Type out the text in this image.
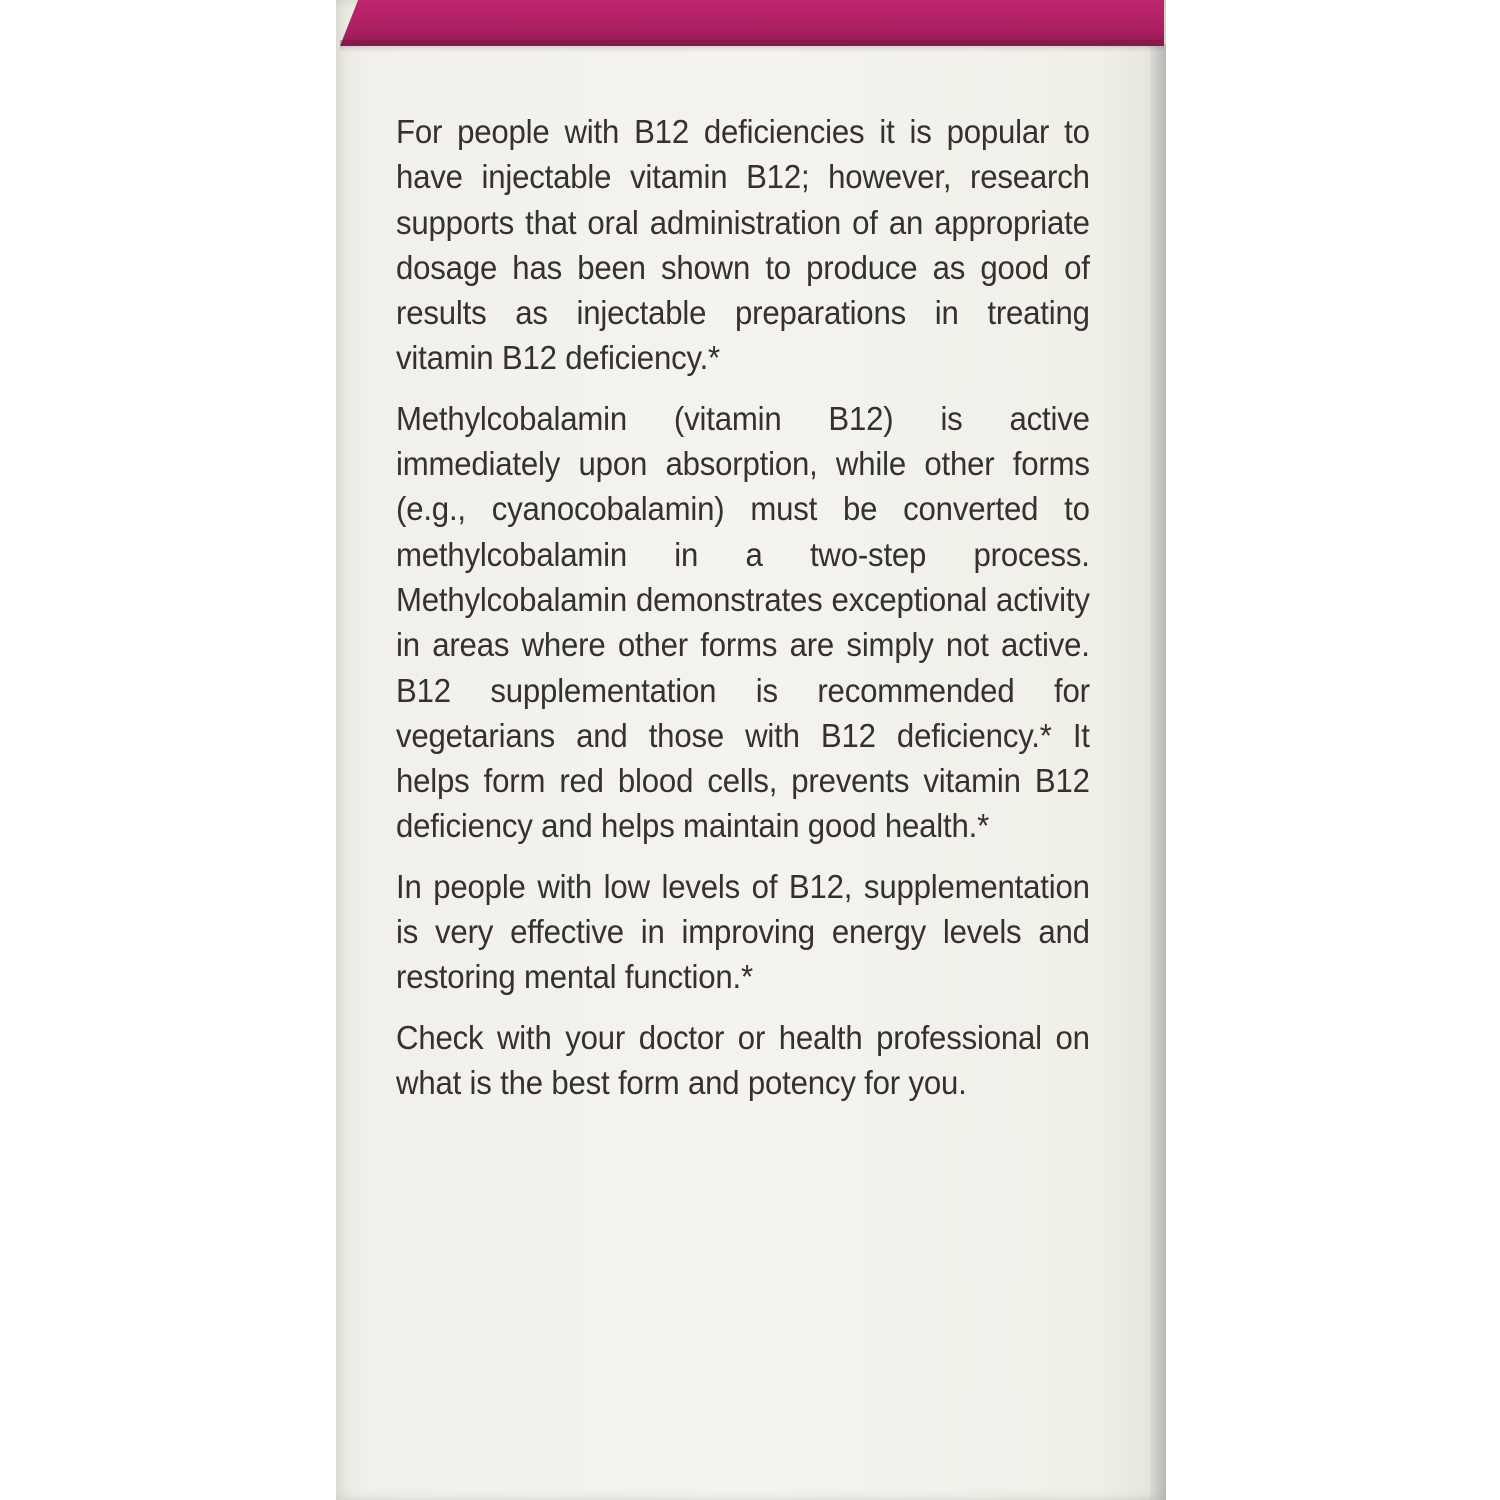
For people with B12 deficiencies it is popular to have injectable vitamin B12; however, research supports that oral administration of an appropriate dosage has been shown to produce as good of results as injectable preparations in treating vitamin B12 deficiency.*

Methylcobalamin (vitamin B12) is active immediately upon absorption, while other forms (e.g., cyanocobalamin) must be converted to methylcobalamin in a two-step process. Methylcobalamin demonstrates exceptional activity in areas where other forms are simply not active. B12 supplementation is recommended for vegetarians and those with B12 deficiency.* It helps form red blood cells, prevents vitamin B12 deficiency and helps maintain good health.*

In people with low levels of B12, supplementation is very effective in improving energy levels and restoring mental function.*

Check with your doctor or health professional on what is the best form and potency for you.
